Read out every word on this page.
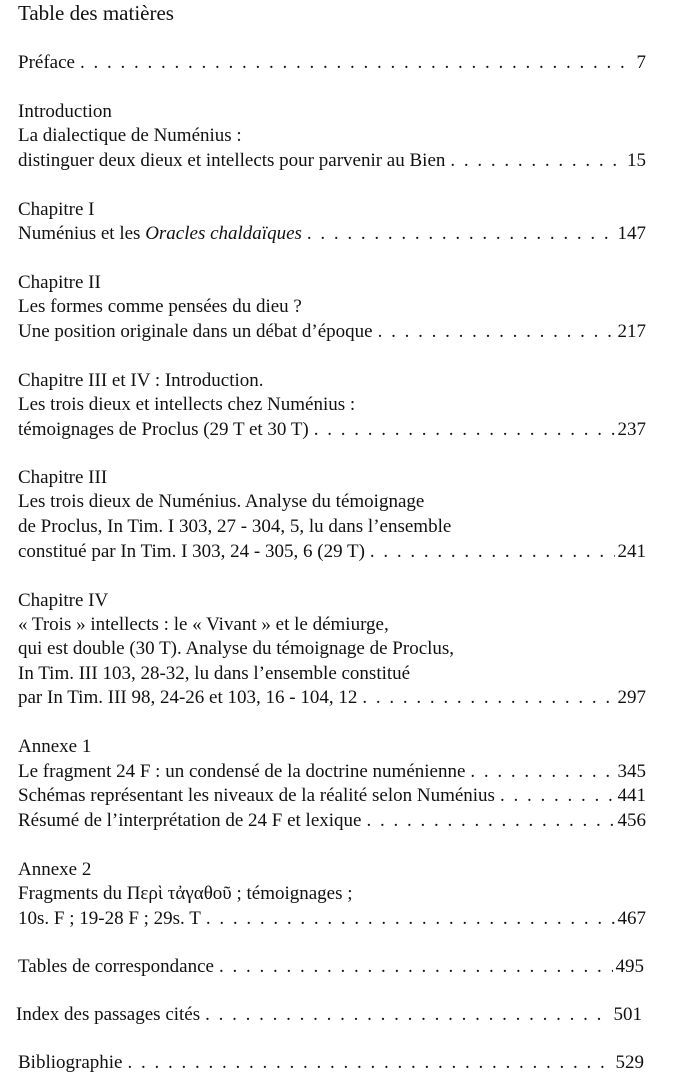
Table des matières
Préface . . .	7
Introduction
La dialectique de Numénius :
distinguer deux dieux et intellects pour parvenir au Bien . . .	15
Chapitre I
Numénius et les Oracles chaldaïques . . .	147
Chapitre II
Les formes comme pensées du dieu ?
Une position originale dans un débat d’époque . . .	217
Chapitre III et IV : Introduction.
Les trois dieux et intellects chez Numénius :
témoignages de Proclus (29 T et 30 T) . . .	237
Chapitre III
Les trois dieux de Numénius. Analyse du témoignage
de Proclus, In Tim. I 303, 27 - 304, 5, lu dans l’ensemble
constitué par In Tim. I 303, 24 - 305, 6 (29 T) . . .	241
Chapitre IV
« Trois » intellects : le « Vivant » et le démiurge,
qui est double (30 T). Analyse du témoignage de Proclus,
In Tim. III 103, 28-32, lu dans l’ensemble constitué
par In Tim. III 98, 24-26 et 103, 16 - 104, 12 . . .	297
Annexe 1
Le fragment 24 F : un condensé de la doctrine numénienne . . .	345
Schémas représentant les niveaux de la réalité selon Numénius . . .	441
Résumé de l’interprétation de 24 F et lexique . . .	456
Annexe 2
Fragments du Περὶ τἀγαθοῦ ; témoignages ;
10s. F ; 19-28 F ; 29s. T . . .	467
Tables de correspondance . . .	495
Index des passages cités . . .	501
Bibliographie . . .	529
